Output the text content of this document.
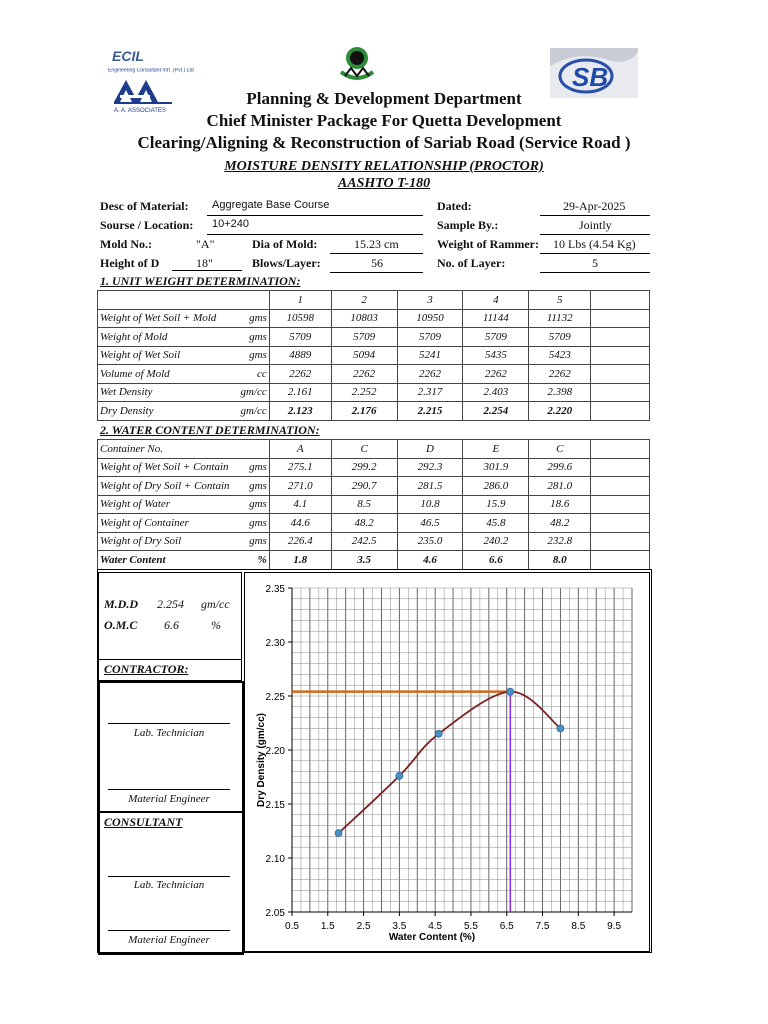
ECIL
Engineering Consultant Int'l. (Pvt.) Ltd
A. A. ASSOCIATES
SB
Planning & Development Department
Chief Minister Package For Quetta Development
Clearing/Aligning & Reconstruction of Sariab Road (Service Road )
MOISTURE DENSITY RELATIONSHIP (PROCTOR)
AASHTO T-180
Desc of Material: Aggregate Base Course	Dated:	29-Apr-2025
Sourse / Location: 10+240	Sample By.:	Jointly
Mold No.:	"A"	Dia of Mold:	15.23 cm	Weight of Rammer: 10 Lbs (4.54 Kg)
Height of D	18"	Blows/Layer:	56	No. of Layer:	5
1. UNIT WEIGHT DETERMINATION:
	1	2	3	4	5	
Weight of Wet Soil + Mold gms	10598	10803	10950	11144	11132	
Weight of Mold gms	5709	5709	5709	5709	5709	
Weight of Wet Soil gms	4889	5094	5241	5435	5423	
Volume of Mold cc	2262	2262	2262	2262	2262	
Wet Density gm/cc	2.161	2.252	2.317	2.403	2.398	
Dry Density gm/cc	2.123	2.176	2.215	2.254	2.220	
2. WATER CONTENT DETERMINATION:
Container No.	A	C	D	E	C	
Weight of Wet Soil + Contain gms	275.1	299.2	292.3	301.9	299.6	
Weight of Dry Soil + Contain gms	271.0	290.7	281.5	286.0	281.0	
Weight of Water gms	4.1	8.5	10.8	15.9	18.6	
Weight of Container gms	44.6	48.2	46.5	45.8	48.2	
Weight of Dry Soil gms	226.4	242.5	235.0	240.2	232.8	
Water Content %	1.8	3.5	4.6	6.6	8.0	
M.D.D 2.254 gm/cc
O.M.C 6.6	%
CONTRACTOR:
Lab. Technician
Material Engineer
CONSULTANT
Lab. Technician
Material Engineer
2.05
2.10
2.15
2.20
2.25
2.30
2.35
0.5 1.5 2.5 3.5 4.5 5.5 6.5 7.5 8.5 9.5
Water Content (%)
Dry Density (gm/cc)
